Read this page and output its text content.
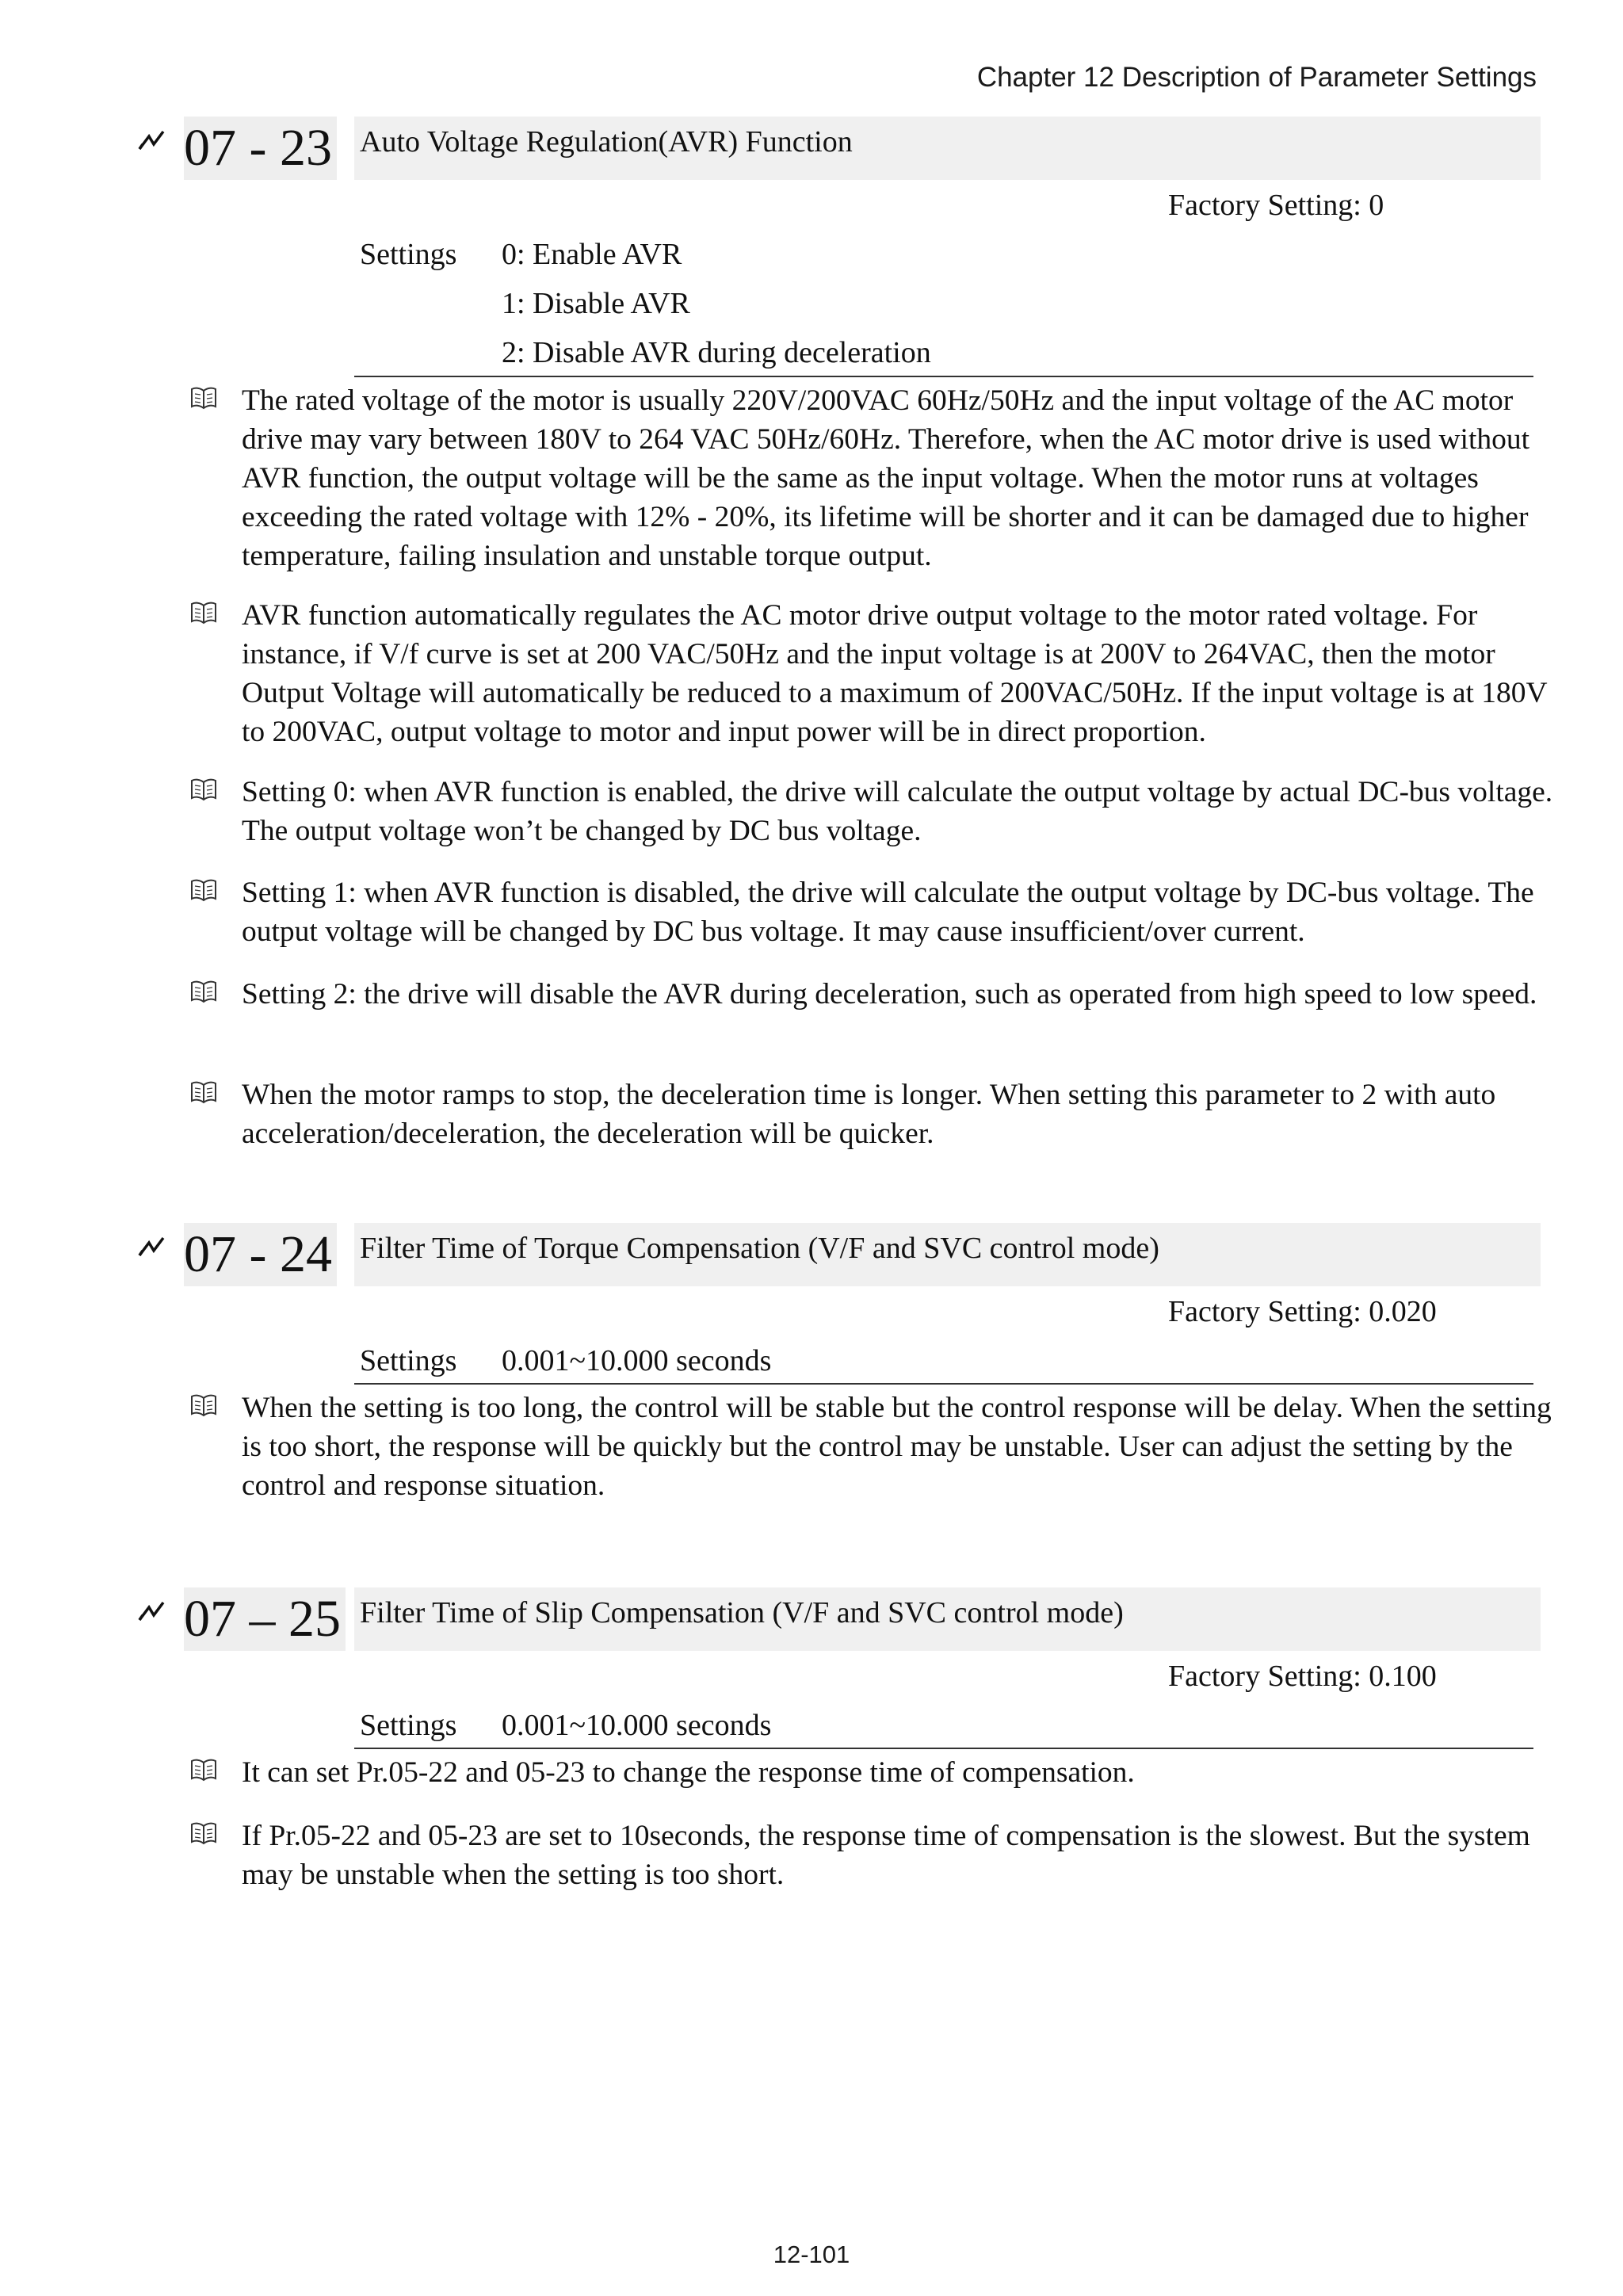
Chapter 12 Description of Parameter Settings
07 - 23 Auto Voltage Regulation(AVR) Function
Factory Setting: 0
Settings 0: Enable AVR
1: Disable AVR
2: Disable AVR during deceleration

The rated voltage of the motor is usually 220V/200VAC 60Hz/50Hz and the input voltage of the AC motor drive may vary between 180V to 264 VAC 50Hz/60Hz. Therefore, when the AC motor drive is used without AVR function, the output voltage will be the same as the input voltage. When the motor runs at voltages exceeding the rated voltage with 12% - 20%, its lifetime will be shorter and it can be damaged due to higher temperature, failing insulation and unstable torque output.

AVR function automatically regulates the AC motor drive output voltage to the motor rated voltage. For instance, if V/f curve is set at 200 VAC/50Hz and the input voltage is at 200V to 264VAC, then the motor Output Voltage will automatically be reduced to a maximum of 200VAC/50Hz. If the input voltage is at 180V to 200VAC, output voltage to motor and input power will be in direct proportion.

Setting 0: when AVR function is enabled, the drive will calculate the output voltage by actual DC-bus voltage. The output voltage won’t be changed by DC bus voltage.

Setting 1: when AVR function is disabled, the drive will calculate the output voltage by DC-bus voltage. The output voltage will be changed by DC bus voltage. It may cause insufficient/over current.

Setting 2: the drive will disable the AVR during deceleration, such as operated from high speed to low speed.

When the motor ramps to stop, the deceleration time is longer. When setting this parameter to 2 with auto acceleration/deceleration, the deceleration will be quicker.

07 - 24 Filter Time of Torque Compensation (V/F and SVC control mode)
Factory Setting: 0.020
Settings 0.001~10.000 seconds

When the setting is too long, the control will be stable but the control response will be delay. When the setting is too short, the response will be quickly but the control may be unstable. User can adjust the setting by the control and response situation.

07 – 25 Filter Time of Slip Compensation (V/F and SVC control mode)
Factory Setting: 0.100
Settings 0.001~10.000 seconds

It can set Pr.05-22 and 05-23 to change the response time of compensation.

If Pr.05-22 and 05-23 are set to 10seconds, the response time of compensation is the slowest. But the system may be unstable when the setting is too short.

12-101
